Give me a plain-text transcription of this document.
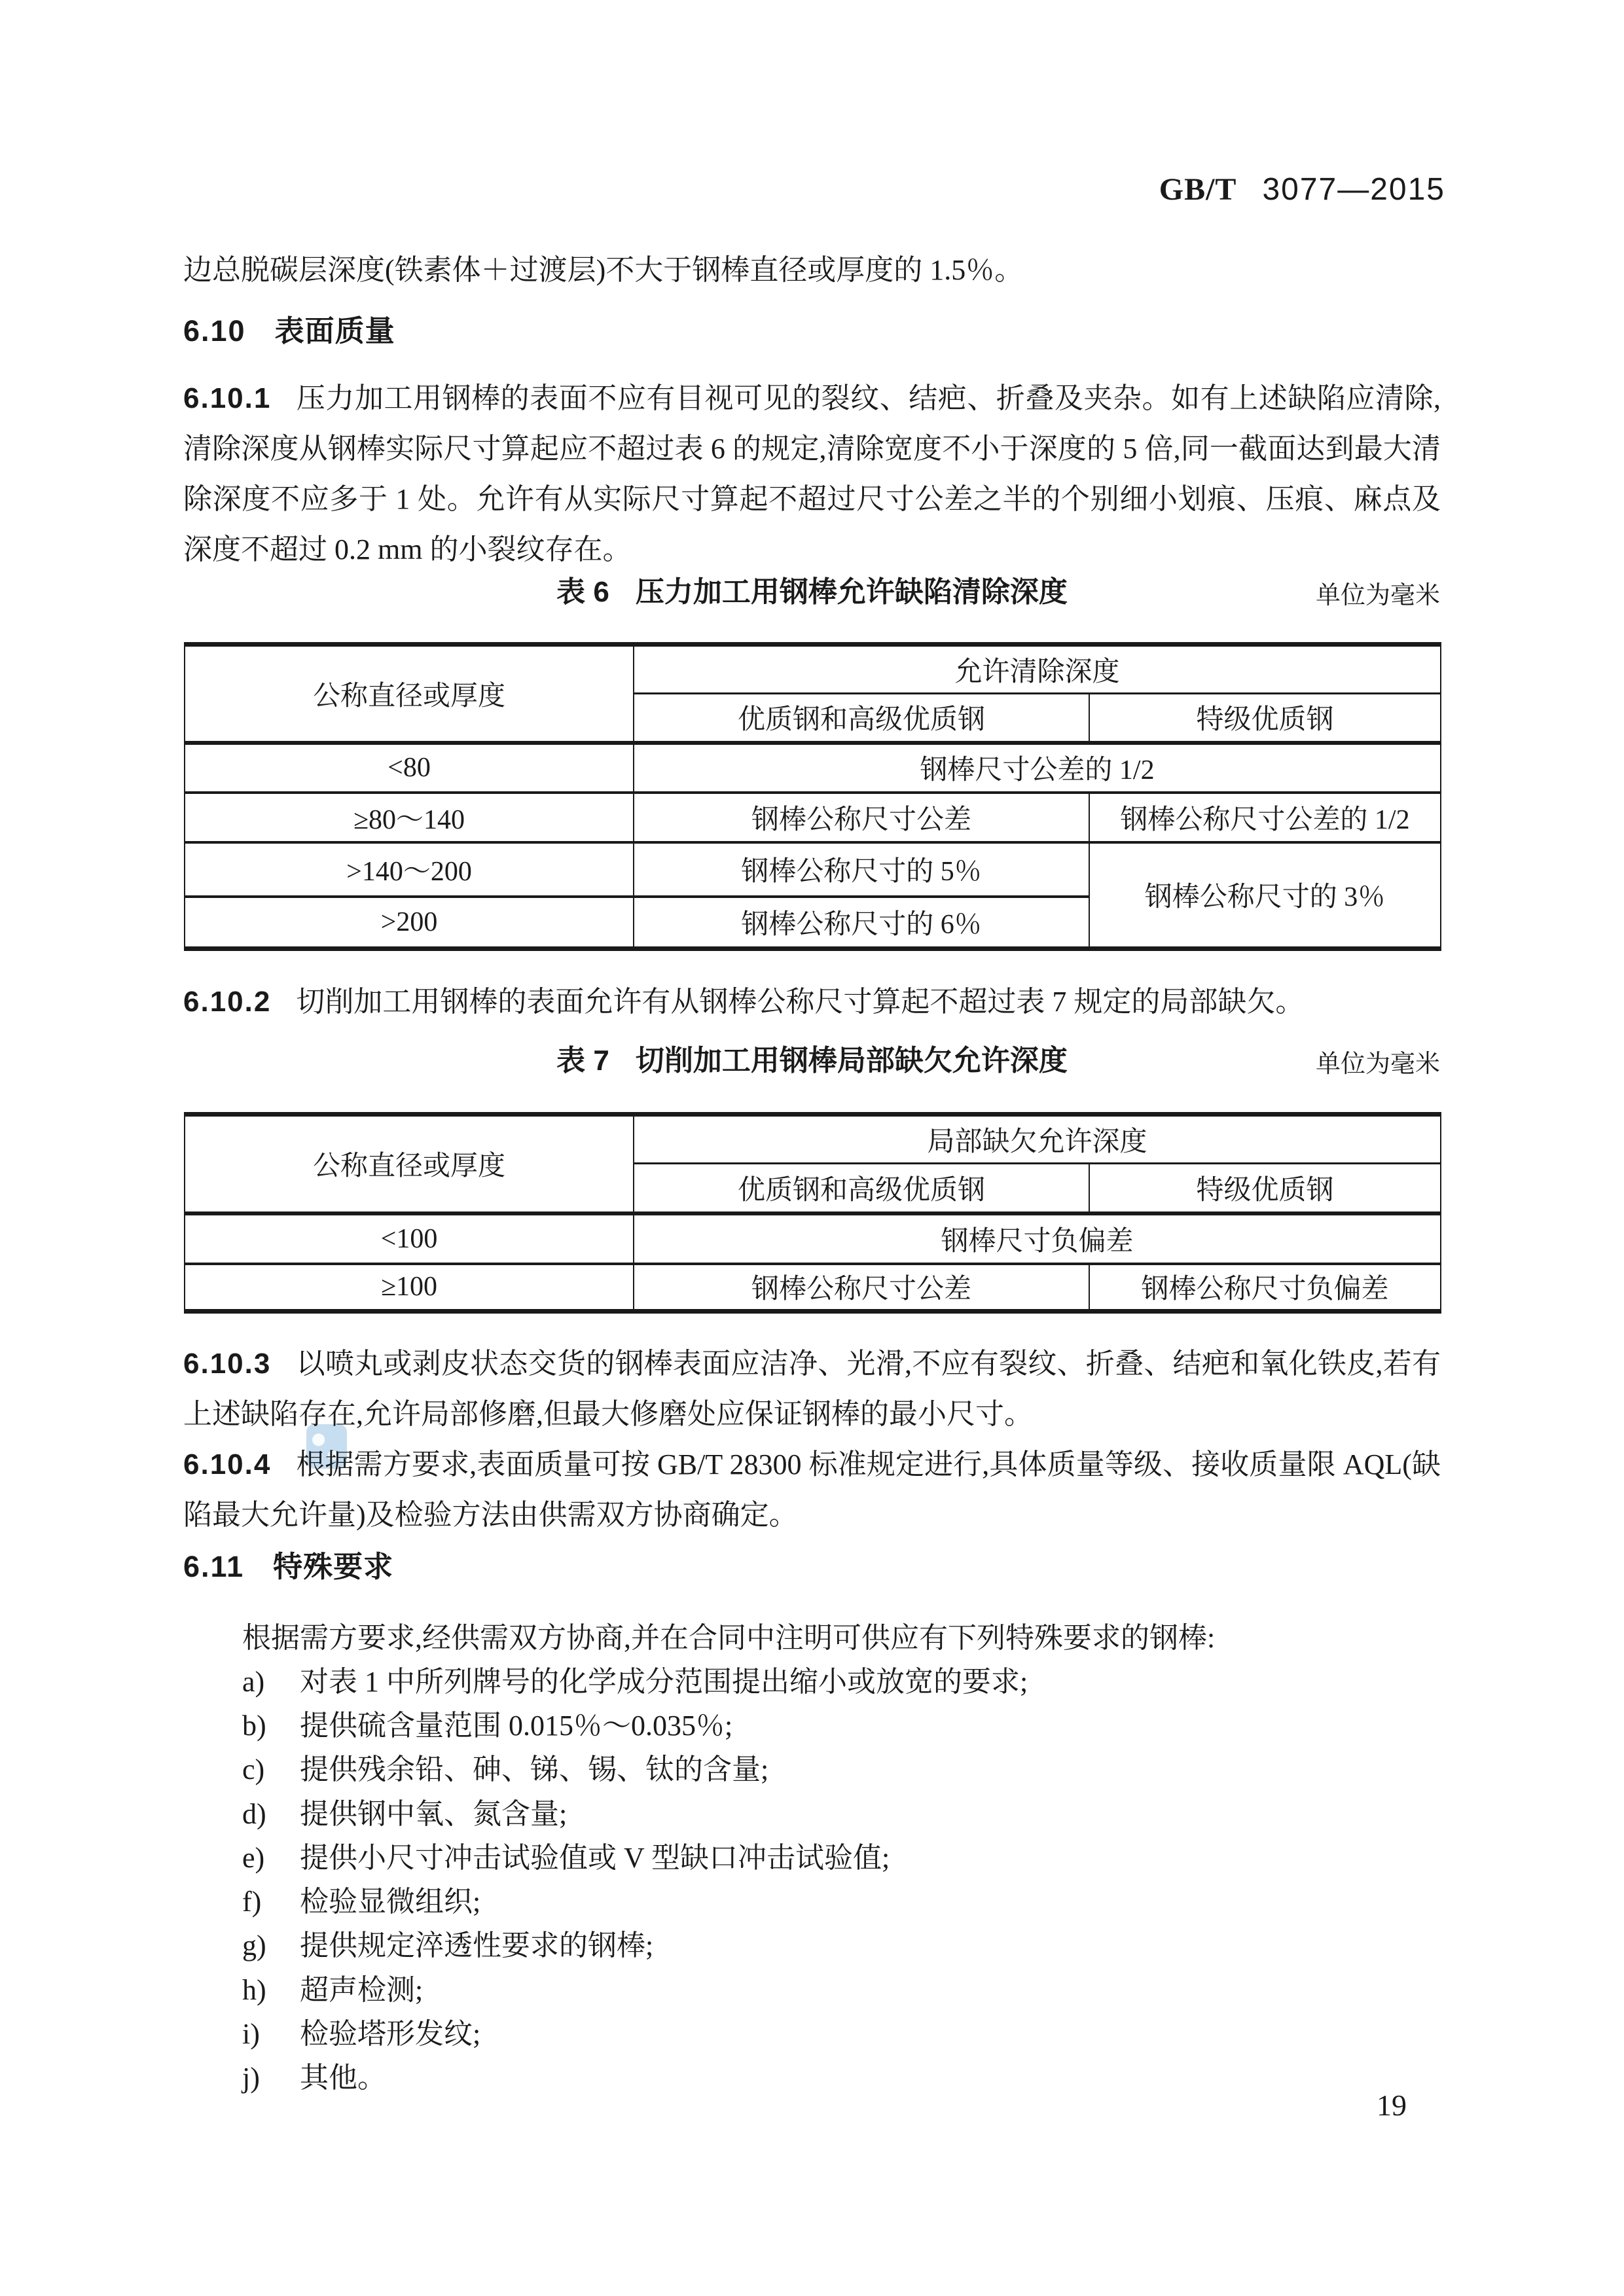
GB/T 3077—2015
边总脱碳层深度(铁素体＋过渡层)不大于钢棒直径或厚度的 1.5％。
6.10 表面质量
6.10.1 压力加工用钢棒的表面不应有目视可见的裂纹、结疤、折叠及夹杂。如有上述缺陷应清除,清除深度从钢棒实际尺寸算起应不超过表 6 的规定,清除宽度不小于深度的 5 倍,同一截面达到最大清除深度不应多于 1 处。允许有从实际尺寸算起不超过尺寸公差之半的个别细小划痕、压痕、麻点及深度不超过 0.2 mm 的小裂纹存在。
表 6 压力加工用钢棒允许缺陷清除深度	单位为毫米
公称直径或厚度	允许清除深度	
	优质钢和高级优质钢	特级优质钢
<80	钢棒尺寸公差的 1/2	
≥80～140	钢棒公称尺寸公差	钢棒公称尺寸公差的 1/2
>140～200	钢棒公称尺寸的 5％	钢棒公称尺寸的 3％
>200	钢棒公称尺寸的 6％	
6.10.2 切削加工用钢棒的表面允许有从钢棒公称尺寸算起不超过表 7 规定的局部缺欠。
表 7 切削加工用钢棒局部缺欠允许深度	单位为毫米
公称直径或厚度	局部缺欠允许深度	
	优质钢和高级优质钢	特级优质钢
<100	钢棒尺寸负偏差	
≥100	钢棒公称尺寸公差	钢棒公称尺寸负偏差
6.10.3 以喷丸或剥皮状态交货的钢棒表面应洁净、光滑,不应有裂纹、折叠、结疤和氧化铁皮,若有上述缺陷存在,允许局部修磨,但最大修磨处应保证钢棒的最小尺寸。
6.10.4 根据需方要求,表面质量可按 GB/T 28300 标准规定进行,具体质量等级、接收质量限 AQL(缺陷最大允许量)及检验方法由供需双方协商确定。
6.11 特殊要求
根据需方要求,经供需双方协商,并在合同中注明可供应有下列特殊要求的钢棒:
a) 对表 1 中所列牌号的化学成分范围提出缩小或放宽的要求;
b) 提供硫含量范围 0.015％～0.035％;
c) 提供残余铅、砷、锑、锡、钛的含量;
d) 提供钢中氧、氮含量;
e) 提供小尺寸冲击试验值或 V 型缺口冲击试验值;
f) 检验显微组织;
g) 提供规定淬透性要求的钢棒;
h) 超声检测;
i) 检验塔形发纹;
j) 其他。
19
